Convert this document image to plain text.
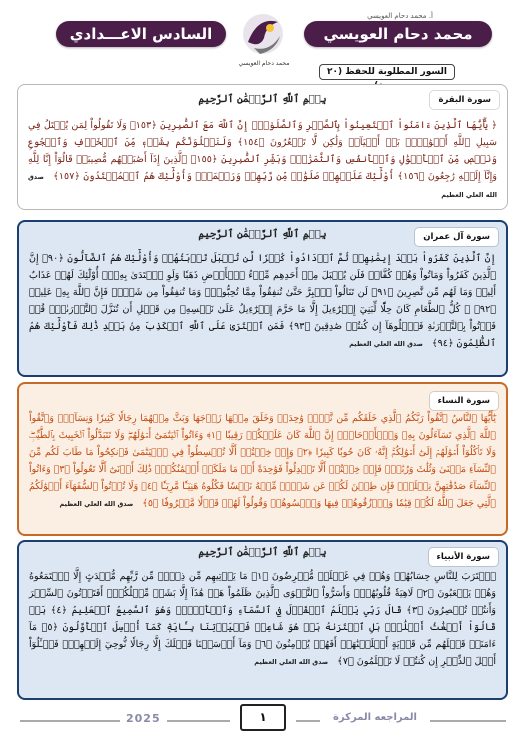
السادس الاعـــدادي
أ. محمد دحام العويسي
محمد دحام العويسي
محمد دحام العويسي
السور المطلوبة للحفظ (٢٠
سورة البقرة
بِسۡمِ ٱللَّهِ ٱلرَّحۡمَٰنِ ٱلرَّحِيمِ
﴿ يَٰٓأَيُّهَا ٱلَّذِينَ ءَامَنُواْ ٱسۡتَعِينُواْ بِٱلصَّبۡرِ وَٱلصَّلَوٰةِۚ إِنَّ ٱللَّهَ مَعَ ٱلصَّٰبِرِينَ ﴿١٥٣﴾ وَلَا تَقُولُواْ لِمَن يُقۡتَلُ فِي سَبِيلِ ٱللَّهِ أَمۡوَٰتُۢۚ بَلۡ أَحۡيَآءٞ وَلَٰكِن لَّا تَشۡعُرُونَ ﴿١٥٤﴾ وَلَنَبۡلُوَنَّكُم بِشَيۡءٖ مِّنَ ٱلۡخَوۡفِ وَٱلۡجُوعِ وَنَقۡصٖ مِّنَ ٱلۡأَمۡوَٰلِ وَٱلۡأَنفُسِ وَٱلثَّمَرَٰتِۗ وَبَشِّرِ ٱلصَّٰبِرِينَ ﴿١٥٥﴾ ٱلَّذِينَ إِذَآ أَصَٰبَتۡهُم مُّصِيبَةٞ قَالُوٓاْ إِنَّا لِلَّهِ وَإِنَّآ إِلَيۡهِ رَٰجِعُونَ ﴿١٥٦﴾ أُوْلَٰٓئِكَ عَلَيۡهِمۡ صَلَوَٰتٞ مِّن رَّبِّهِمۡ وَرَحۡمَةٞۖ وَأُوْلَٰٓئِكَ هُمُ ٱلۡمُهۡتَدُونَ ﴿١٥٧﴾ صدق الله العلي العظيم
سورة آل عمران
بِسۡمِ ٱللَّهِ ٱلرَّحۡمَٰنِ ٱلرَّحِيمِ
إِنَّ ٱلَّذِينَ كَفَرُواْ بَعۡدَ إِيمَٰنِهِمۡ ثُمَّ ٱزۡدَادُواْ كُفۡرٗا لَّن تُقۡبَلَ تَوۡبَتُهُمۡ وَأُوْلَٰٓئِكَ هُمُ ٱلضَّآلُّونَ ﴿٩٠﴾ إِنَّ ٱلَّذِينَ كَفَرُواْ وَمَاتُواْ وَهُمۡ كُفَّارٞ فَلَن يُقۡبَلَ مِنۡ أَحَدِهِم مِّلۡءُ ٱلۡأَرۡضِ ذَهَبٗا وَلَوِ ٱفۡتَدَىٰ بِهِۦٓۗ أُوْلَٰٓئِكَ لَهُمۡ عَذَابٌ أَلِيمٞ وَمَا لَهُم مِّن نَّٰصِرِينَ ﴿٩١﴾ لَن تَنَالُواْ ٱلۡبِرَّ حَتَّىٰ تُنفِقُواْ مِمَّا تُحِبُّونَۚ وَمَا تُنفِقُواْ مِن شَيۡءٖ فَإِنَّ ٱللَّهَ بِهِۦ عَلِيمٞ ﴿٩٢﴾ ۞ كُلُّ ٱلطَّعَامِ كَانَ حِلّٗا لِّبَنِيٓ إِسۡرَٰٓءِيلَ إِلَّا مَا حَرَّمَ إِسۡرَٰٓءِيلُ عَلَىٰ نَفۡسِهِۦ مِن قَبۡلِ أَن تُنَزَّلَ ٱلتَّوۡرَىٰةُۚ قُلۡ فَأۡتُواْ بِٱلتَّوۡرَىٰةِ فَٱتۡلُوهَآ إِن كُنتُمۡ صَٰدِقِينَ ﴿٩٣﴾ فَمَنِ ٱفۡتَرَىٰ عَلَى ٱللَّهِ ٱلۡكَذِبَ مِنۢ بَعۡدِ ذَٰلِكَ فَأُوْلَٰٓئِكَ هُمُ ٱلظَّٰلِمُونَ ﴿٩٤﴾ صدق الله العلي العظيم
سورة النساء
يَٰٓأَيُّهَا ٱلنَّاسُ ٱتَّقُواْ رَبَّكُمُ ٱلَّذِي خَلَقَكُم مِّن نَّفۡسٖ وَٰحِدَةٖ وَخَلَقَ مِنۡهَا زَوۡجَهَا وَبَثَّ مِنۡهُمَا رِجَالٗا كَثِيرٗا وَنِسَآءٗۚ وَٱتَّقُواْ ٱللَّهَ ٱلَّذِي تَسَآءَلُونَ بِهِۦ وَٱلۡأَرۡحَامَۚ إِنَّ ٱللَّهَ كَانَ عَلَيۡكُمۡ رَقِيبٗا ﴿١﴾ وَءَاتُواْ ٱلۡيَتَٰمَىٰٓ أَمۡوَٰلَهُمۡۖ وَلَا تَتَبَدَّلُواْ ٱلۡخَبِيثَ بِٱلطَّيِّبِۖ وَلَا تَأۡكُلُوٓاْ أَمۡوَٰلَهُمۡ إِلَىٰٓ أَمۡوَٰلِكُمۡۚ إِنَّهُۥ كَانَ حُوبٗا كَبِيرٗا ﴿٢﴾ وَإِنۡ خِفۡتُمۡ أَلَّا تُقۡسِطُواْ فِي ٱلۡيَتَٰمَىٰ فَٱنكِحُواْ مَا طَابَ لَكُم مِّنَ ٱلنِّسَآءِ مَثۡنَىٰ وَثُلَٰثَ وَرُبَٰعَۖ فَإِنۡ خِفۡتُمۡ أَلَّا تَعۡدِلُواْ فَوَٰحِدَةً أَوۡ مَا مَلَكَتۡ أَيۡمَٰنُكُمۡۚ ذَٰلِكَ أَدۡنَىٰٓ أَلَّا تَعُولُواْ ﴿٣﴾ وَءَاتُواْ ٱلنِّسَآءَ صَدُقَٰتِهِنَّ نِحۡلَةٗۚ فَإِن طِبۡنَ لَكُمۡ عَن شَيۡءٖ مِّنۡهُ نَفۡسٗا فَكُلُوهُ هَنِيٓـٔٗا مَّرِيٓـٔٗا ﴿٤﴾ وَلَا تُؤۡتُواْ ٱلسُّفَهَآءَ أَمۡوَٰلَكُمُ ٱلَّتِي جَعَلَ ٱللَّهُ لَكُمۡ قِيَٰمٗا وَٱرۡزُقُوهُمۡ فِيهَا وَٱكۡسُوهُمۡ وَقُولُواْ لَهُمۡ قَوۡلٗا مَّعۡرُوفٗا ﴿٥﴾ صدق الله العلي العظيم
سورة الأنبياء
بِسۡمِ ٱللَّهِ ٱلرَّحۡمَٰنِ ٱلرَّحِيمِ
ٱقۡتَرَبَ لِلنَّاسِ حِسَابُهُمۡ وَهُمۡ فِي غَفۡلَةٖ مُّعۡرِضُونَ ﴿١﴾ مَا يَأۡتِيهِم مِّن ذِكۡرٖ مِّن رَّبِّهِم مُّحۡدَثٍ إِلَّا ٱسۡتَمَعُوهُ وَهُمۡ يَلۡعَبُونَ ﴿٢﴾ لَاهِيَةٗ قُلُوبُهُمۡۗ وَأَسَرُّواْ ٱلنَّجۡوَى ٱلَّذِينَ ظَلَمُواْ هَلۡ هَٰذَآ إِلَّا بَشَرٞ مِّثۡلُكُمۡۖ أَفَتَأۡتُونَ ٱلسِّحۡرَ وَأَنتُمۡ تُبۡصِرُونَ ﴿٣﴾ قَالَ رَبِّي يَعۡلَمُ ٱلۡقَوۡلَ فِي ٱلسَّمَآءِ وَٱلۡأَرۡضِۖ وَهُوَ ٱلسَّمِيعُ ٱلۡعَلِيمُ ﴿٤﴾ بَلۡ قَالُوٓاْ أَضۡغَٰثُ أَحۡلَٰمِۭ بَلِ ٱفۡتَرَىٰهُ بَلۡ هُوَ شَاعِرٞ فَلۡيَأۡتِنَا بِـَٔايَةٖ كَمَآ أُرۡسِلَ ٱلۡأَوَّلُونَ ﴿٥﴾ مَآ ءَامَنَتۡ قَبۡلَهُم مِّن قَرۡيَةٍ أَهۡلَكۡنَٰهَآۖ أَفَهُمۡ يُؤۡمِنُونَ ﴿٦﴾ وَمَآ أَرۡسَلۡنَا قَبۡلَكَ إِلَّا رِجَالٗا نُّوحِيٓ إِلَيۡهِمۡۖ فَسۡـَٔلُوٓاْ أَهۡلَ ٱلذِّكۡرِ إِن كُنتُمۡ لَا تَعۡلَمُونَ ﴿٧﴾ صدق الله العلي العظيم
2025	١	المراجعه المركزة
